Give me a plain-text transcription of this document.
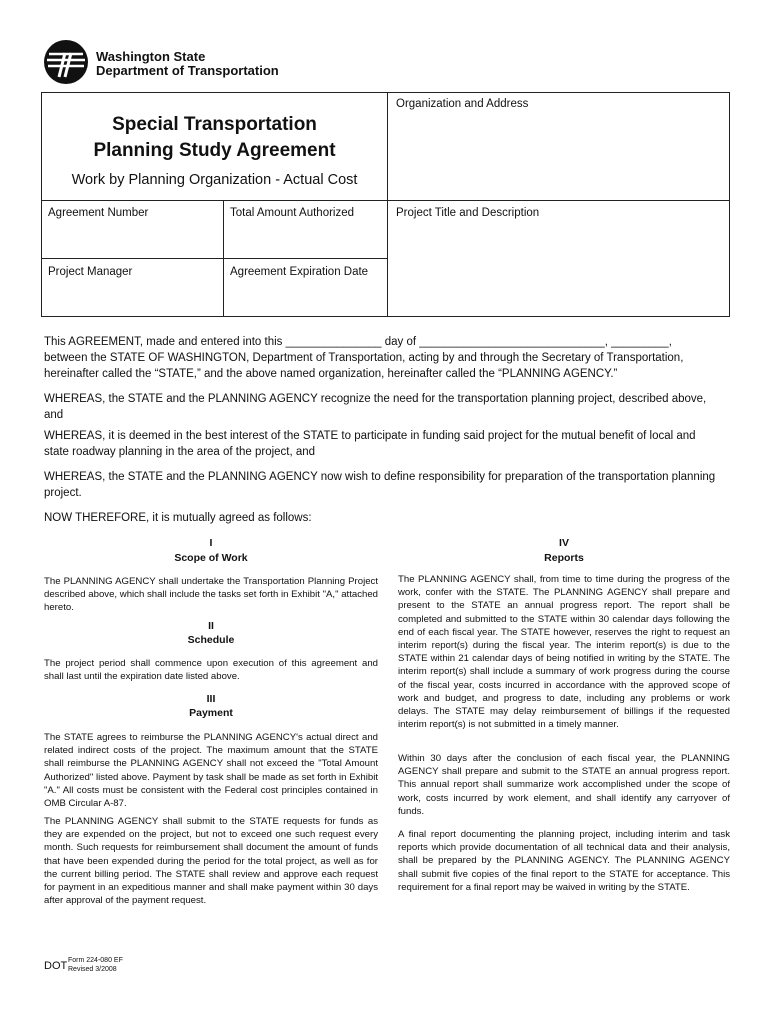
Washington State
Department of Transportation
Special Transportation
Planning Study Agreement
Work by Planning Organization - Actual Cost
Organization and Address
Agreement Number	Total Amount Authorized	Project Title and Description
Project Manager	Agreement Expiration Date
This AGREEMENT, made and entered into this _______________ day of _____________________________, _________,
between the STATE OF WASHINGTON, Department of Transportation, acting by and through the Secretary of Transportation,
hereinafter called the “STATE,” and the above named organization, hereinafter called the “PLANNING AGENCY.”
WHEREAS, the STATE and the PLANNING AGENCY recognize the need for the transportation planning project, described above,
and
WHEREAS, it is deemed in the best interest of the STATE to participate in funding said project for the mutual benefit of local and
state roadway planning in the area of the project, and
WHEREAS, the STATE and the PLANNING AGENCY now wish to define responsibility for preparation of the transportation planning
project.
NOW THEREFORE, it is mutually agreed as follows:
I
Scope of Work
The PLANNING AGENCY shall undertake the Transportation Planning Project described above, which shall include the tasks set forth in Exhibit "A," attached hereto.
II
Schedule
The project period shall commence upon execution of this agreement and shall last until the expiration date listed above.
III
Payment
The STATE agrees to reimburse the PLANNING AGENCY's actual direct and related indirect costs of the project. The maximum amount that the STATE shall reimburse the PLANNING AGENCY shall not exceed the "Total Amount Authorized" listed above. Payment by task shall be made as set forth in Exhibit "A." All costs must be consistent with the Federal cost principles contained in OMB Circular A-87.
The PLANNING AGENCY shall submit to the STATE requests for funds as they are expended on the project, but not to exceed one such request every month. Such requests for reimbursement shall document the amount of funds that have been expended during the period for the total project, as well as for the current billing period. The STATE shall review and approve each request for payment in an expeditious manner and shall make payment within 30 days after approval of the payment request.
IV
Reports
The PLANNING AGENCY shall, from time to time during the progress of the work, confer with the STATE. The PLANNING AGENCY shall prepare and present to the STATE an annual progress report. The report shall be completed and submitted to the STATE within 30 calendar days following the end of each fiscal year. The STATE however, reserves the right to request an interim report(s) during the fiscal year. The interim report(s) is due to the STATE within 21 calendar days of being notified in writing by the STATE. The interim report(s) shall include a summary of work progress during the course of the fiscal year, costs incurred in accordance with the approved scope of work and budget, and progress to date, including any problems or work delays. The STATE may delay reimbursement of billings if the requested interim report(s) is not submitted in a timely manner.
Within 30 days after the conclusion of each fiscal year, the PLANNING AGENCY shall prepare and submit to the STATE an annual progress report. This annual report shall summarize work accomplished under the scope of work, costs incurred by work element, and shall identify any carryover of funds.
A final report documenting the planning project, including interim and task reports which provide documentation of all technical data and their analysis, shall be prepared by the PLANNING AGENCY. The PLANNING AGENCY shall submit five copies of the final report to the STATE for acceptance. This requirement for a final report may be waived in writing by the STATE.
DOT Form 224-080 EF
Revised 3/2008
